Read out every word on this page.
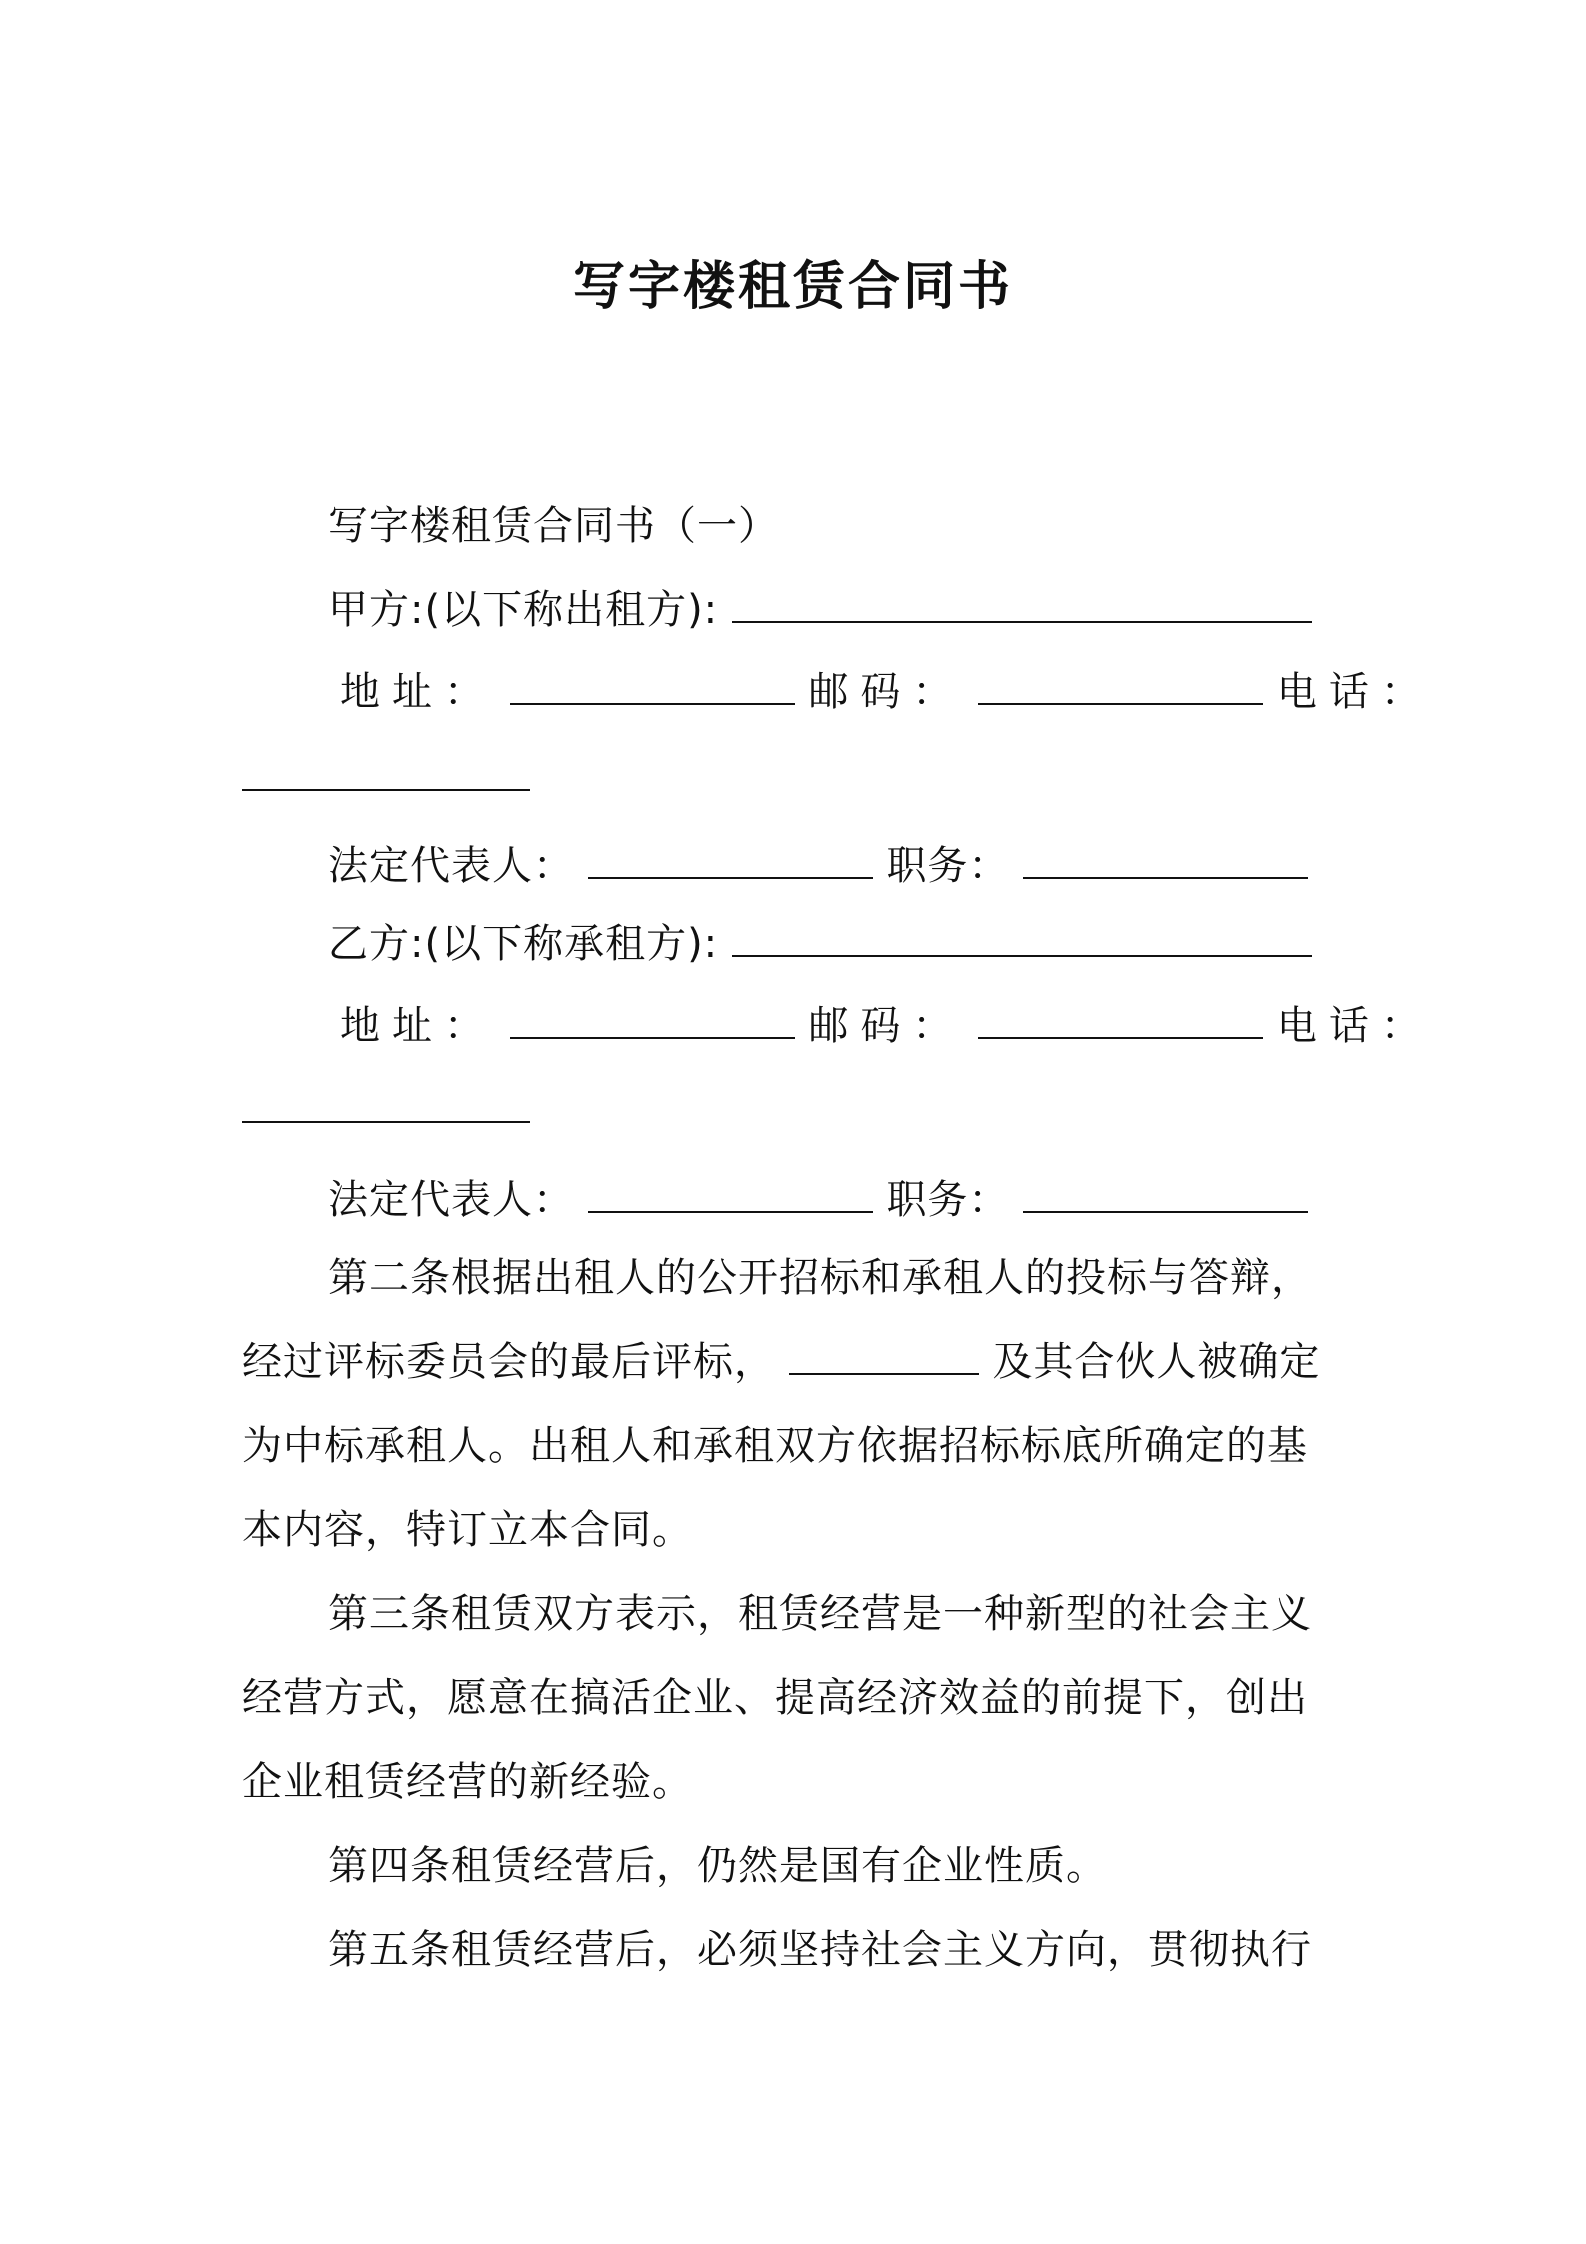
写字楼租赁合同书
写字楼租赁合同书（一）
甲方:(以下称出租方):
地址：	邮码：	电话：
法定代表人：	职务：
乙方:(以下称承租方):
地址：	邮码：	电话：
法定代表人：	职务：
第二条根据出租人的公开招标和承租人的投标与答辩，
经过评标委员会的最后评标，	及其合伙人被确定
为中标承租人。出租人和承租双方依据招标标底所确定的基
本内容，特订立本合同。
第三条租赁双方表示，租赁经营是一种新型的社会主义
经营方式，愿意在搞活企业、提高经济效益的前提下，创出
企业租赁经营的新经验。
第四条租赁经营后，仍然是国有企业性质。
第五条租赁经营后，必须坚持社会主义方向，贯彻执行
